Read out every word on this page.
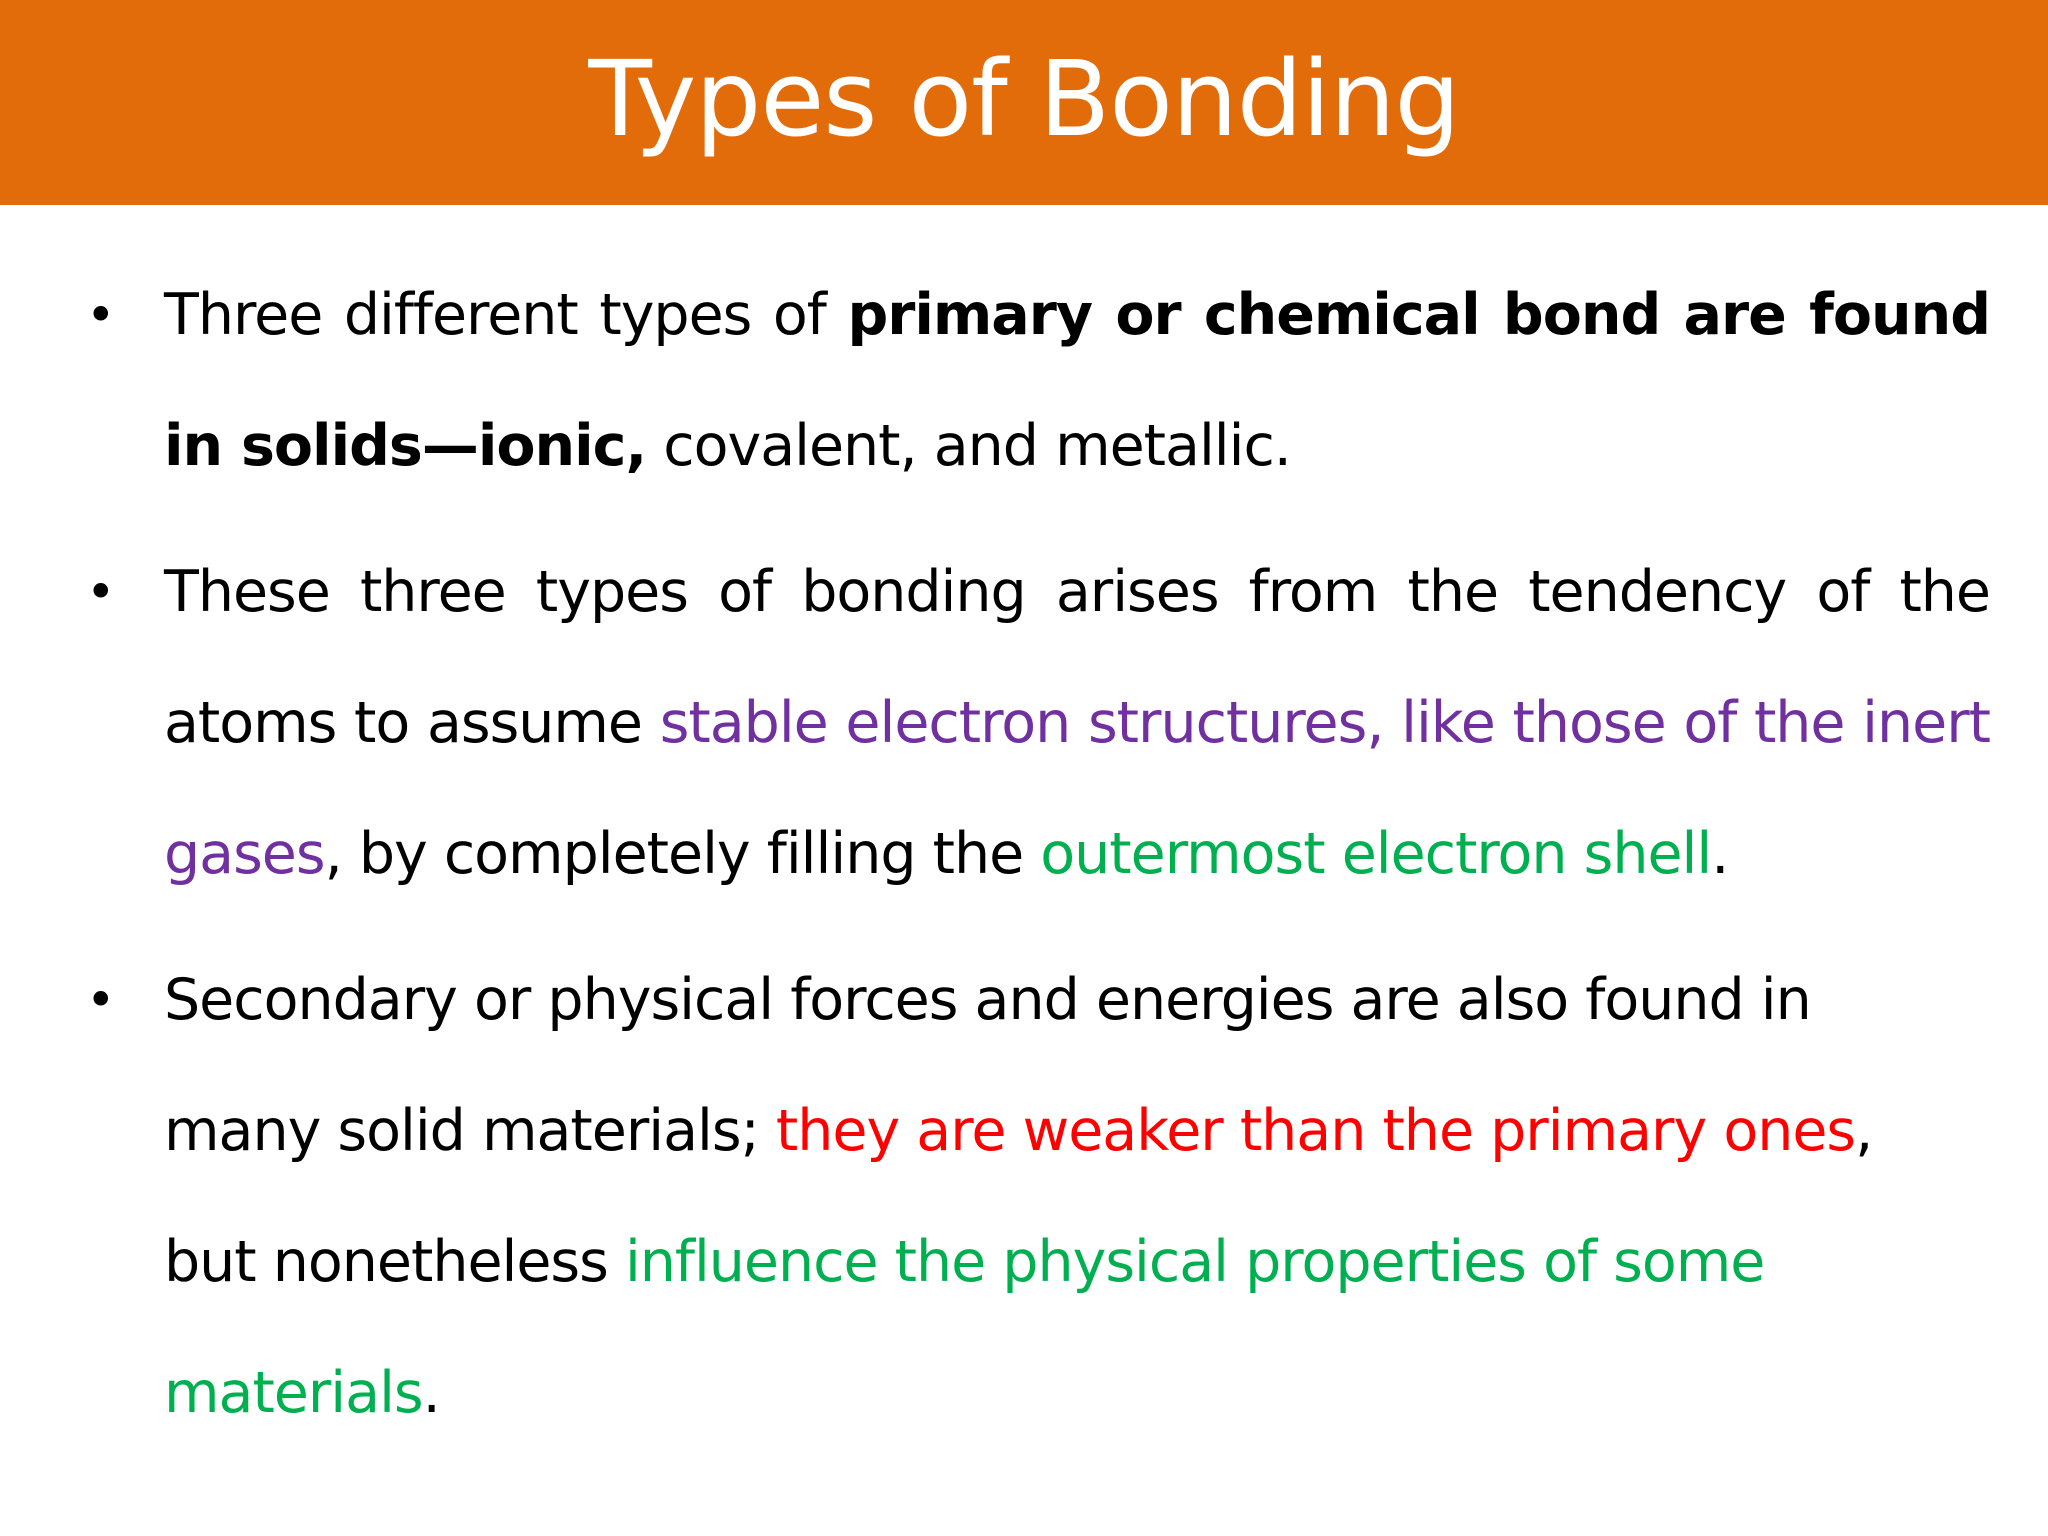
Types of Bonding
• Three different types of primary or chemical bond are found in solids—ionic, covalent, and metallic.
• These three types of bonding arises from the tendency of the atoms to assume stable electron structures, like those of the inert gases, by completely filling the outermost electron shell.
• Secondary or physical forces and energies are also found in many solid materials; they are weaker than the primary ones, but nonetheless influence the physical properties of some materials.
